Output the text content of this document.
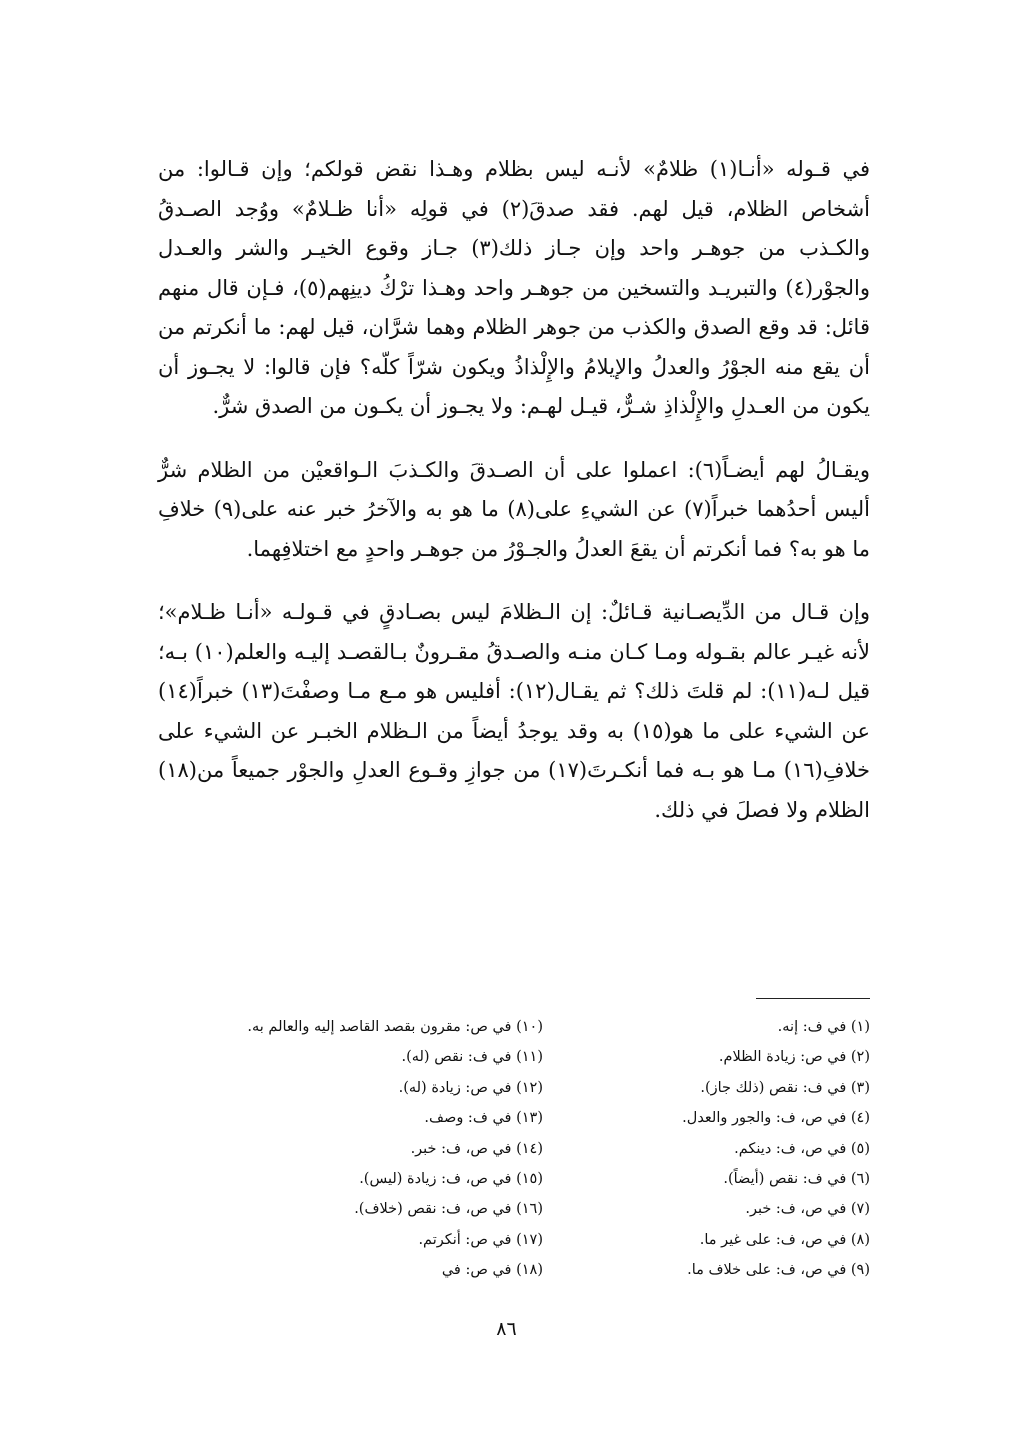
في قـوله «أنـا(١) ظلامٌ» لأنـه ليس بظلام وهـذا نقض قولكم؛ وإن قـالوا: من أشخاص الظلام، قيل لهم. فقد صدقَ(٢) في قولِه «أنا ظـلامٌ» ووُجد الصـدقُ والكـذب من جوهـر واحد وإن جـاز ذلك(٣) جـاز وقوع الخيـر والشر والعـدل والجوْر(٤) والتبريـد والتسخين من جوهـر واحد وهـذا ترْكُ دينِهم(٥)، فـإن قال منهم قائل: قد وقع الصدق والكذب من جوهر الظلام وهما شرَّان، قيل لهم: ما أنكرتم من أن يقع منه الجوْرُ والعدلُ والإيلامُ والإِلْذاذُ ويكون شرّاً كلّه؟ فإن قالوا: لا يجـوز أن يكون من العـدلِ والإِلْذاذِ شـرٌّ، قيـل لهـم: ولا يجـوز أن يكـون من الصدق شرٌّ.

ويقـالُ لهم أيضـاً(٦): اعملوا على أن الصـدقَ والكـذبَ الـواقعيْن من الظلام شرٌّ أليس أحدُهما خبراً(٧) عن الشيءِ على(٨) ما هو به والآخرُ خبر عنه على(٩) خلافِ ما هو به؟ فما أنكرتم أن يقعَ العدلُ والجـوْرُ من جوهـر واحدٍ مع اختلافِهما.

وإن قـال من الدِّيصـانية قـائلٌ: إن الـظلامَ ليس بصـادقٍ في قـولـه «أنـا ظـلام»؛ لأنه غيـر عالم بقـوله ومـا كـان منـه والصـدقُ مقـرونٌ بـالقصـد إليـه والعلم(١٠) بـه؛ قيل لـه(١١): لم قلتَ ذلك؟ ثم يقـال(١٢): أفليس هو مـع مـا وصفْتَ(١٣) خبراً(١٤) عن الشيء على ما هو(١٥) به وقد يوجدُ أيضاً من الـظلام الخبـر عن الشيء على خلافِ(١٦) مـا هو بـه فما أنكـرتَ(١٧) من جوازِ وقـوع العدلِ والجوْر جميعاً من(١٨) الظلام ولا فصلَ في ذلك.

(١) في ف: إنه.
(٢) في ص: زيادة الظلام.
(٣) في ف: نقص (ذلك جاز).
(٤) في ص، ف: والجور والعدل.
(٥) في ص، ف: دينكم.
(٦) في ف: نقص (أيضاً).
(٧) في ص، ف: خبر.
(٨) في ص، ف: على غير ما.
(٩) في ص، ف: على خلاف ما.
(١٠) في ص: مقرون بقصد القاصد إليه والعالم به.
(١١) في ف: نقص (له).
(١٢) في ص: زيادة (له).
(١٣) في ف: وصف.
(١٤) في ص، ف: خبر.
(١٥) في ص، ف: زيادة (ليس).
(١٦) في ص، ف: نقص (خلاف).
(١٧) في ص: أنكرتم.
(١٨) في ص: في
٨٦
